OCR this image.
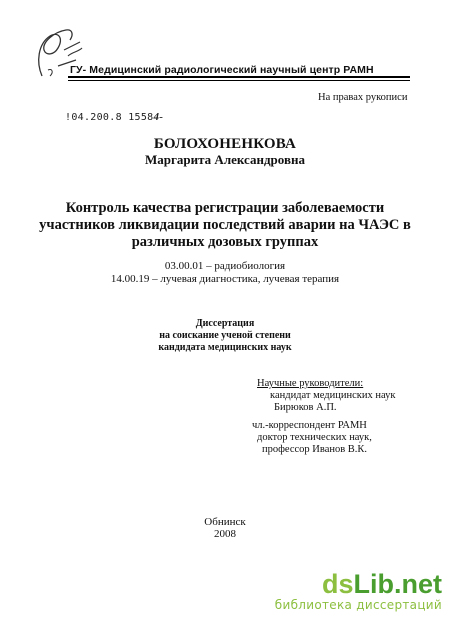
ГУ- Медицинский радиологический научный центр РАМН
На правах рукописи
!04.200.8 15584-
БОЛОХОНЕНКОВА
Маргарита Александровна
Контроль качества регистрации заболеваемости
участников ликвидации последствий аварии на ЧАЭС в
различных дозовых группах
03.00.01 – радиобиология
14.00.19 – лучевая диагностика, лучевая терапия
Диссертация
на соискание ученой степени
кандидата медицинских наук
Научные руководители:
кандидат медицинских наук
Бирюков А.П.
чл.-корреспондент РАМН
доктор технических наук,
профессор Иванов В.К.
Обнинск
2008
dsLib.net
библиотека диссертаций
